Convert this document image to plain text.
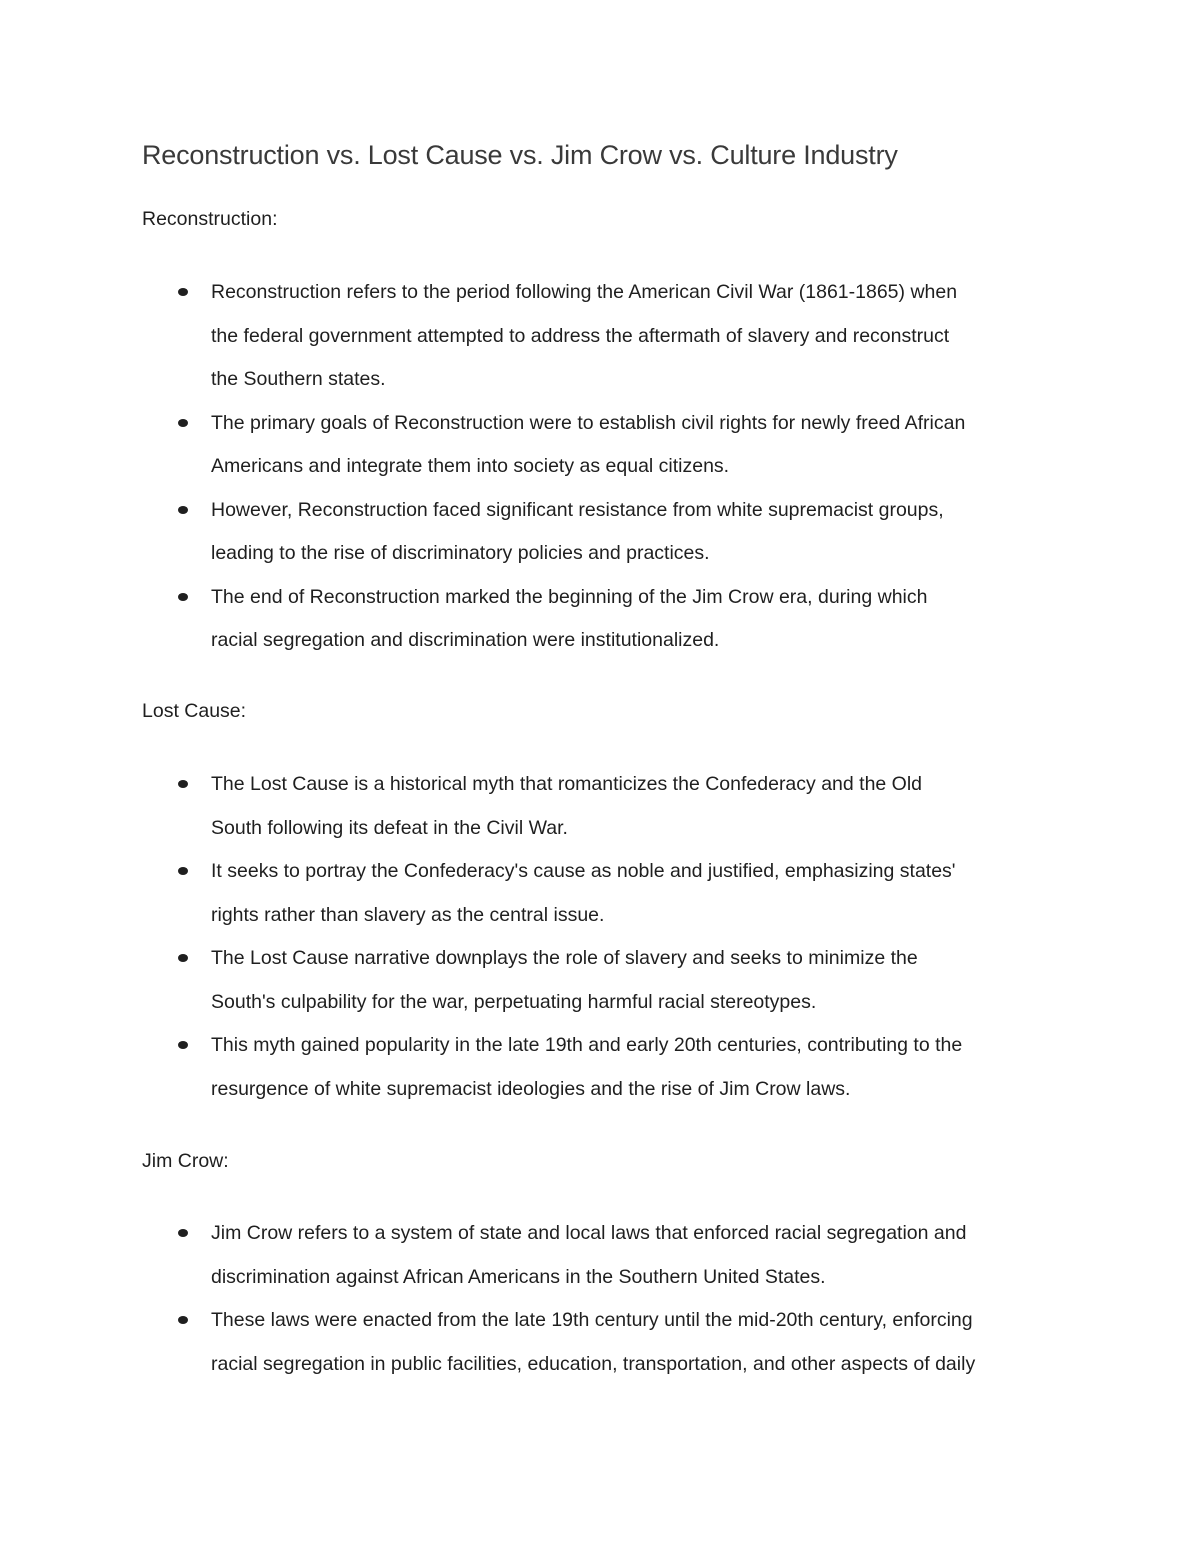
Reconstruction vs. Lost Cause vs. Jim Crow vs. Culture Industry
Reconstruction:
Reconstruction refers to the period following the American Civil War (1861-1865) when
the federal government attempted to address the aftermath of slavery and reconstruct
the Southern states.
The primary goals of Reconstruction were to establish civil rights for newly freed African
Americans and integrate them into society as equal citizens.
However, Reconstruction faced significant resistance from white supremacist groups,
leading to the rise of discriminatory policies and practices.
The end of Reconstruction marked the beginning of the Jim Crow era, during which
racial segregation and discrimination were institutionalized.
Lost Cause:
The Lost Cause is a historical myth that romanticizes the Confederacy and the Old
South following its defeat in the Civil War.
It seeks to portray the Confederacy's cause as noble and justified, emphasizing states'
rights rather than slavery as the central issue.
The Lost Cause narrative downplays the role of slavery and seeks to minimize the
South's culpability for the war, perpetuating harmful racial stereotypes.
This myth gained popularity in the late 19th and early 20th centuries, contributing to the
resurgence of white supremacist ideologies and the rise of Jim Crow laws.
Jim Crow:
Jim Crow refers to a system of state and local laws that enforced racial segregation and
discrimination against African Americans in the Southern United States.
These laws were enacted from the late 19th century until the mid-20th century, enforcing
racial segregation in public facilities, education, transportation, and other aspects of daily
